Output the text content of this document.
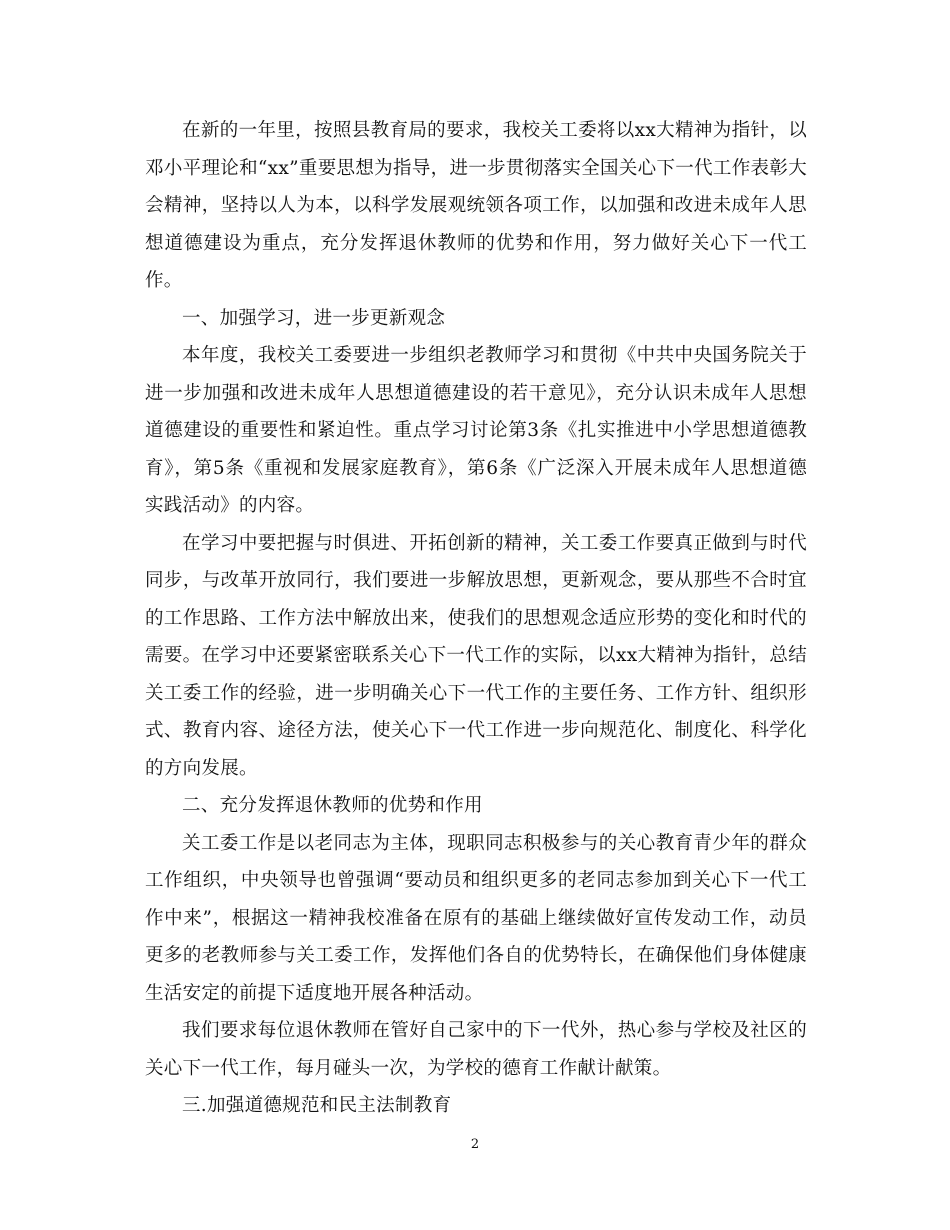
在新的一年里，按照县教育局的要求，我校关工委将以xx大精神为指针，以邓小平理论和“xx”重要思想为指导，进一步贯彻落实全国关心下一代工作表彰大会精神，坚持以人为本，以科学发展观统领各项工作，以加强和改进未成年人思想道德建设为重点，充分发挥退休教师的优势和作用，努力做好关心下一代工作。

一、加强学习，进一步更新观念

本年度，我校关工委要进一步组织老教师学习和贯彻《中共中央国务院关于进一步加强和改进未成年人思想道德建设的若干意见》，充分认识未成年人思想道德建设的重要性和紧迫性。重点学习讨论第3条《扎实推进中小学思想道德教育》，第5条《重视和发展家庭教育》，第6条《广泛深入开展未成年人思想道德实践活动》的内容。

在学习中要把握与时俱进、开拓创新的精神，关工委工作要真正做到与时代同步，与改革开放同行，我们要进一步解放思想，更新观念，要从那些不合时宜的工作思路、工作方法中解放出来，使我们的思想观念适应形势的变化和时代的需要。在学习中还要紧密联系关心下一代工作的实际，以xx大精神为指针，总结关工委工作的经验，进一步明确关心下一代工作的主要任务、工作方针、组织形式、教育内容、途径方法，使关心下一代工作进一步向规范化、制度化、科学化的方向发展。

二、充分发挥退休教师的优势和作用

关工委工作是以老同志为主体，现职同志积极参与的关心教育青少年的群众工作组织，中央领导也曾强调“要动员和组织更多的老同志参加到关心下一代工作中来”，根据这一精神我校准备在原有的基础上继续做好宣传发动工作，动员更多的老教师参与关工委工作，发挥他们各自的优势特长，在确保他们身体健康生活安定的前提下适度地开展各种活动。

我们要求每位退休教师在管好自己家中的下一代外，热心参与学校及社区的关心下一代工作，每月碰头一次，为学校的德育工作献计献策。

三.加强道德规范和民主法制教育

2
